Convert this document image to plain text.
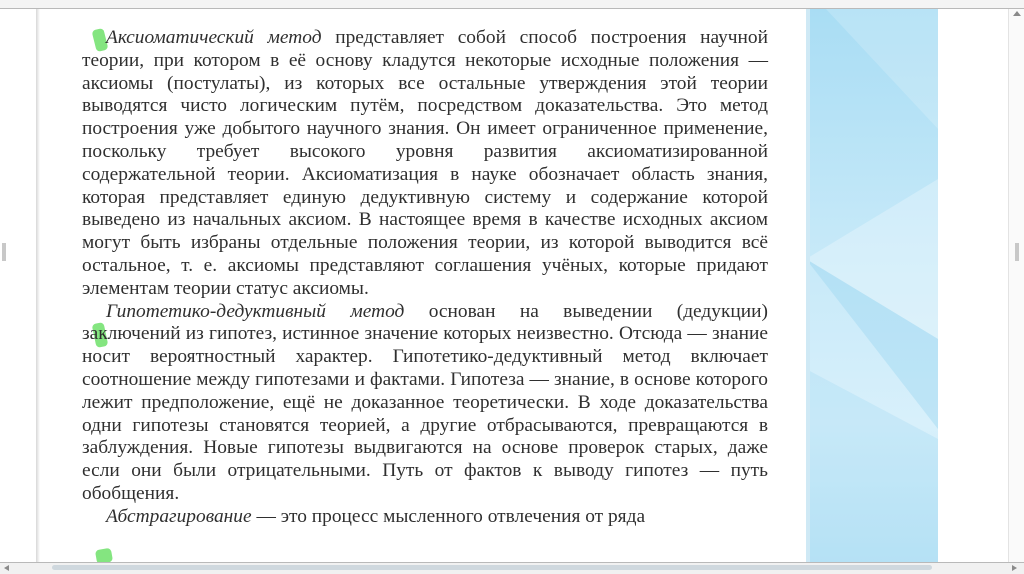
Аксиоматический метод представляет собой способ построения научной теории, при котором в её основу кладутся некоторые исходные положения — аксиомы (постулаты), из которых все остальные утверждения этой теории выводятся чисто логическим путём, посредством доказательства. Это метод построения уже добытого научного знания. Он имеет ограниченное применение, поскольку требует высокого уровня развития аксиоматизированной содержательной теории. Аксиоматизация в науке обозначает область знания, которая представляет единую дедуктивную систему и содержание которой выведено из начальных аксиом. В настоящее время в качестве исходных аксиом могут быть избраны отдельные положения теории, из которой выводится всё остальное, т. е. аксиомы представляют соглашения учёных, которые придают элементам теории статус аксиомы.

Гипотетико-дедуктивный метод основан на выведении (дедукции) заключений из гипотез, истинное значение которых неизвестно. Отсюда — знание носит вероятностный характер. Гипотетико-дедуктивный метод включает соотношение между гипотезами и фактами. Гипотеза — знание, в основе которого лежит предположение, ещё не доказанное теоретически. В ходе доказательства одни гипотезы становятся теорией, а другие отбрасываются, превращаются в заблуждения. Новые гипотезы выдвигаются на основе проверок старых, даже если они были отрицательными. Путь от фактов к выводу гипотез — путь обобщения.

Абстрагирование — это процесс мысленного отвлечения от ряда
